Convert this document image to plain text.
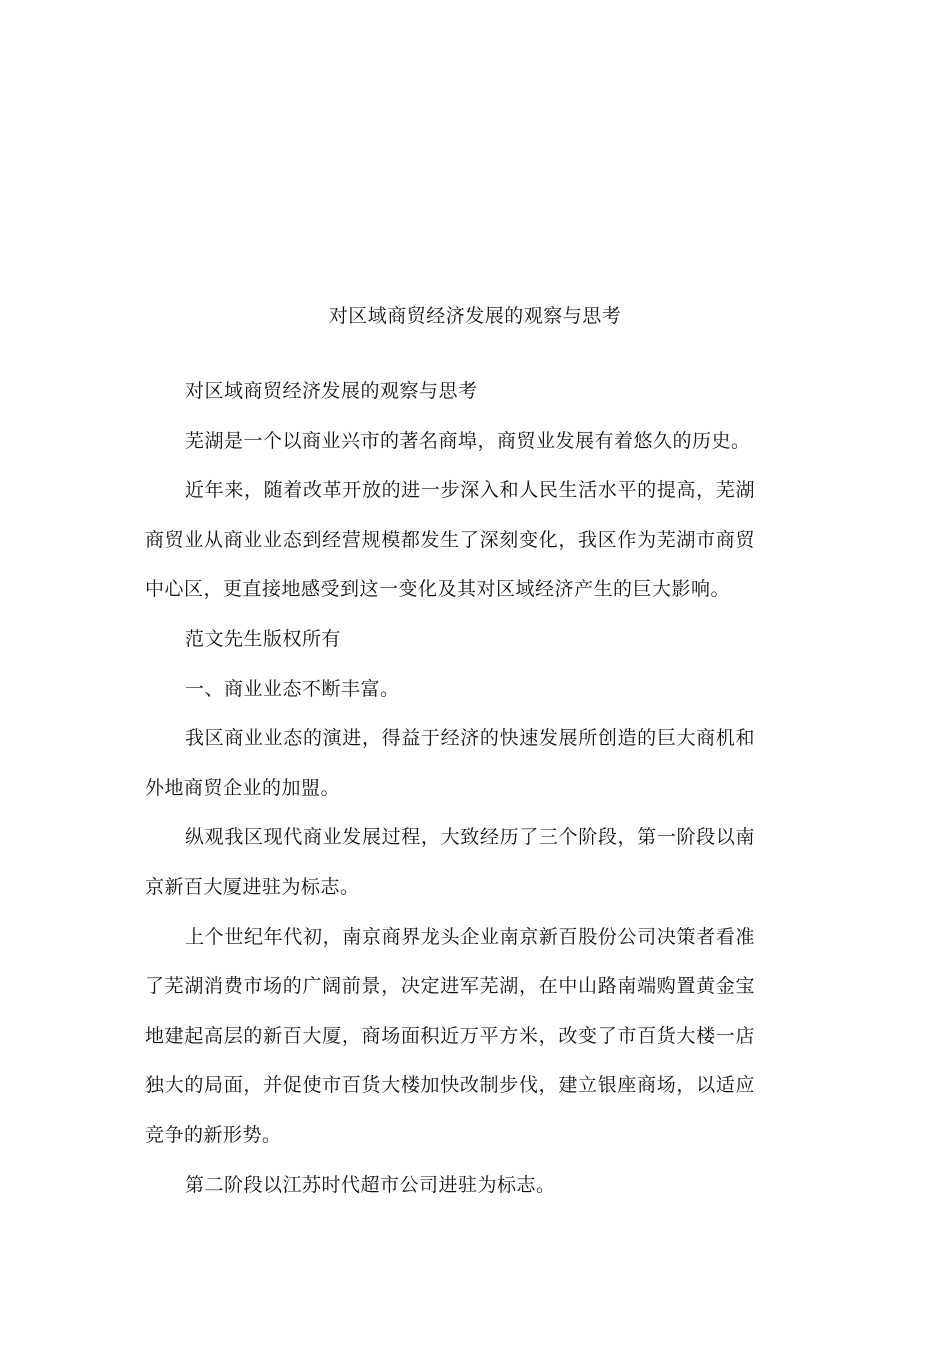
对区域商贸经济发展的观察与思考

对区域商贸经济发展的观察与思考

芜湖是一个以商业兴市的著名商埠，商贸业发展有着悠久的历史。

近年来，随着改革开放的进一步深入和人民生活水平的提高，芜湖商贸业从商业业态到经营规模都发生了深刻变化，我区作为芜湖市商贸中心区，更直接地感受到这一变化及其对区域经济产生的巨大影响。

范文先生版权所有

一、商业业态不断丰富。

我区商业业态的演进，得益于经济的快速发展所创造的巨大商机和外地商贸企业的加盟。

纵观我区现代商业发展过程，大致经历了三个阶段，第一阶段以南京新百大厦进驻为标志。

上个世纪年代初，南京商界龙头企业南京新百股份公司决策者看准了芜湖消费市场的广阔前景，决定进军芜湖，在中山路南端购置黄金宝地建起高层的新百大厦，商场面积近万平方米，改变了市百货大楼一店独大的局面，并促使市百货大楼加快改制步伐，建立银座商场，以适应竞争的新形势。

第二阶段以江苏时代超市公司进驻为标志。
